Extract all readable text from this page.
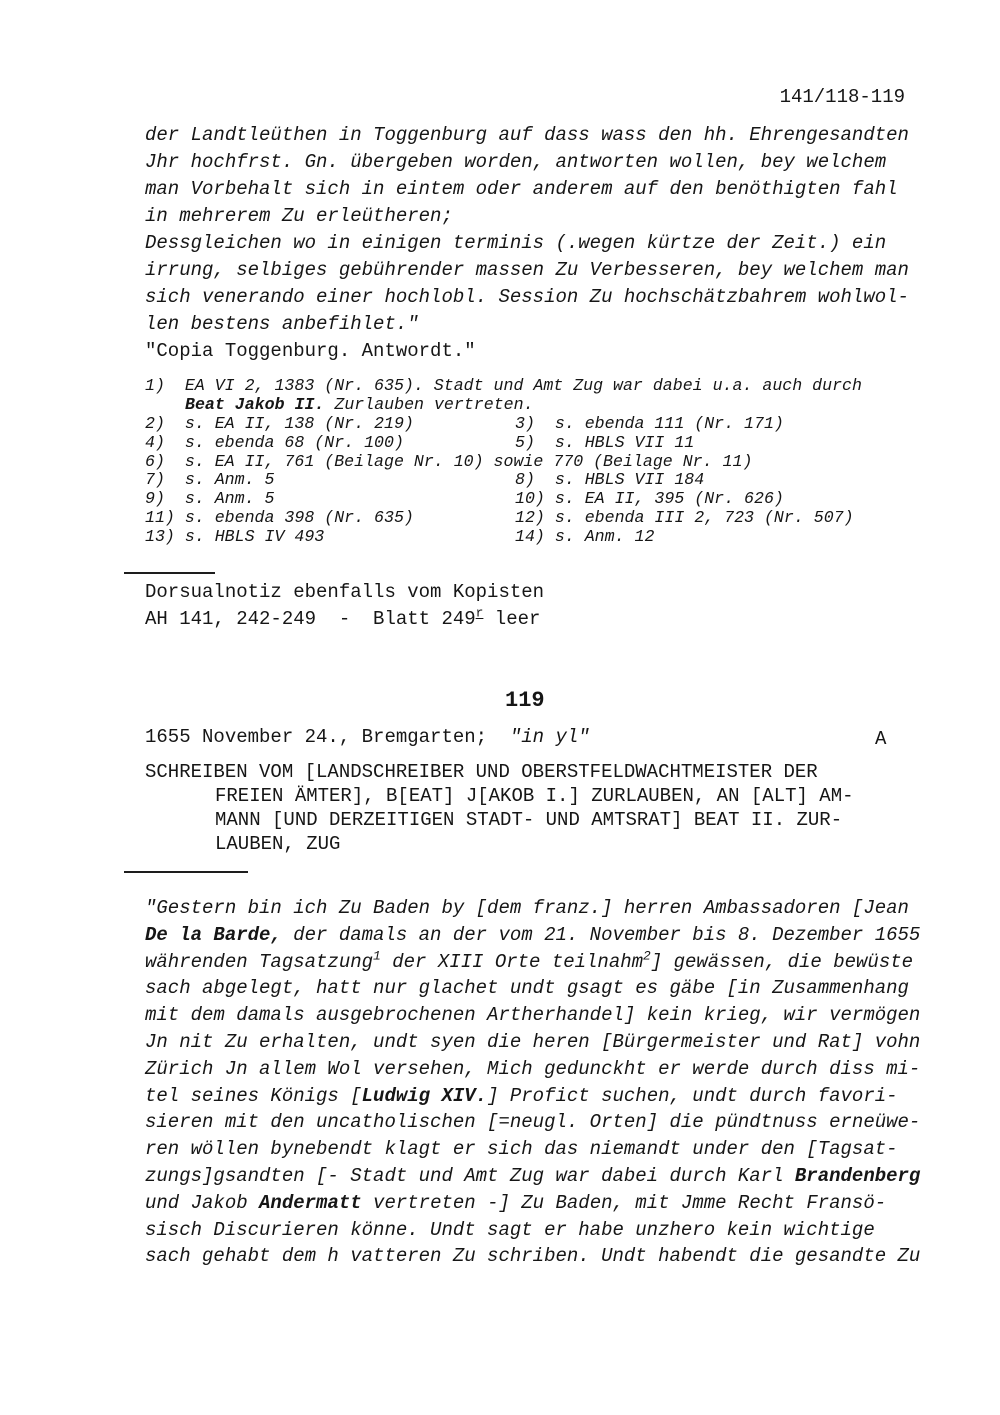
141/118-119
der Landtleüthen in Toggenburg auf dass wass den hh. Ehrengesandten
Jhr hochfrst. Gn. übergeben worden, antworten wollen, bey welchem
man Vorbehalt sich in eintem oder anderem auf den benöthigten fahl
in mehrerem Zu erleütheren;
Dessgleichen wo in einigen terminis (.wegen kürtze der Zeit.) ein
irrung, selbiges gebührender massen Zu Verbesseren, bey welchem man
sich venerando einer hochlobl. Session Zu hochschätzbahrem wohlwol-
len bestens anbefihlet."
"Copia Toggenburg. Antwordt."
1)  EA VI 2, 1383 (Nr. 635). Stadt und Amt Zug war dabei u.a. auch durch
Beat Jakob II. Zurlauben vertreten.
2)  s. EA II, 138 (Nr. 219)	3)  s. ebenda 111 (Nr. 171)
4)  s. ebenda 68 (Nr. 100)	5)  s. HBLS VII 11
6)  s. EA II, 761 (Beilage Nr. 10) sowie 770 (Beilage Nr. 11)
7)  s. Anm. 5	8)  s. HBLS VII 184
9)  s. Anm. 5	10) s. EA II, 395 (Nr. 626)
11) s. ebenda 398 (Nr. 635)	12) s. ebenda III 2, 723 (Nr. 507)
13) s. HBLS IV 493	14) s. Anm. 12
Dorsualnotiz ebenfalls vom Kopisten
AH 141, 242-249  -  Blatt 249$^r$ leer
119
1655 November 24., Bremgarten;  "in yl"	A
SCHREIBEN VOM [LANDSCHREIBER UND OBERSTFELDWACHTMEISTER DER
FREIEN ÄMTER], B[EAT] J[AKOB I.] ZURLAUBEN, AN [ALT] AM-
MANN [UND DERZEITIGEN STADT- UND AMTSRAT] BEAT II. ZUR-
LAUBEN, ZUG
"Gestern bin ich Zu Baden by [dem franz.] herren Ambassadoren [Jean
De la Barde, der damals an der vom 21. November bis 8. Dezember 1655
währenden Tagsatzung$^1$ der XIII Orte teilnahm$^2$] gewässen, die bewüste
sach abgelegt, hatt nur glachet undt gsagt es gäbe [in Zusammenhang
mit dem damals ausgebrochenen Artherhandel] kein krieg, wir vermögen
Jn nit Zu erhalten, undt syen die heren [Bürgermeister und Rat] vohn
Zürich Jn allem Wol versehen, Mich gedunckht er werde durch diss mi-
tel seines Königs [Ludwig XIV.] Profict suchen, undt durch favori-
sieren mit den uncatholischen [=neugl. Orten] die pündtnuss erneüwe-
ren wöllen bynebendt klagt er sich das niemandt under den [Tagsat-
zungs]gsandten [- Stadt und Amt Zug war dabei durch Karl Brandenberg
und Jakob Andermatt vertreten -] Zu Baden, mit Jmme Recht Fransö-
sisch Discurieren könne. Undt sagt er habe unzhero kein wichtige
sach gehabt dem h vatteren Zu schriben. Undt habendt die gesandte Zu
